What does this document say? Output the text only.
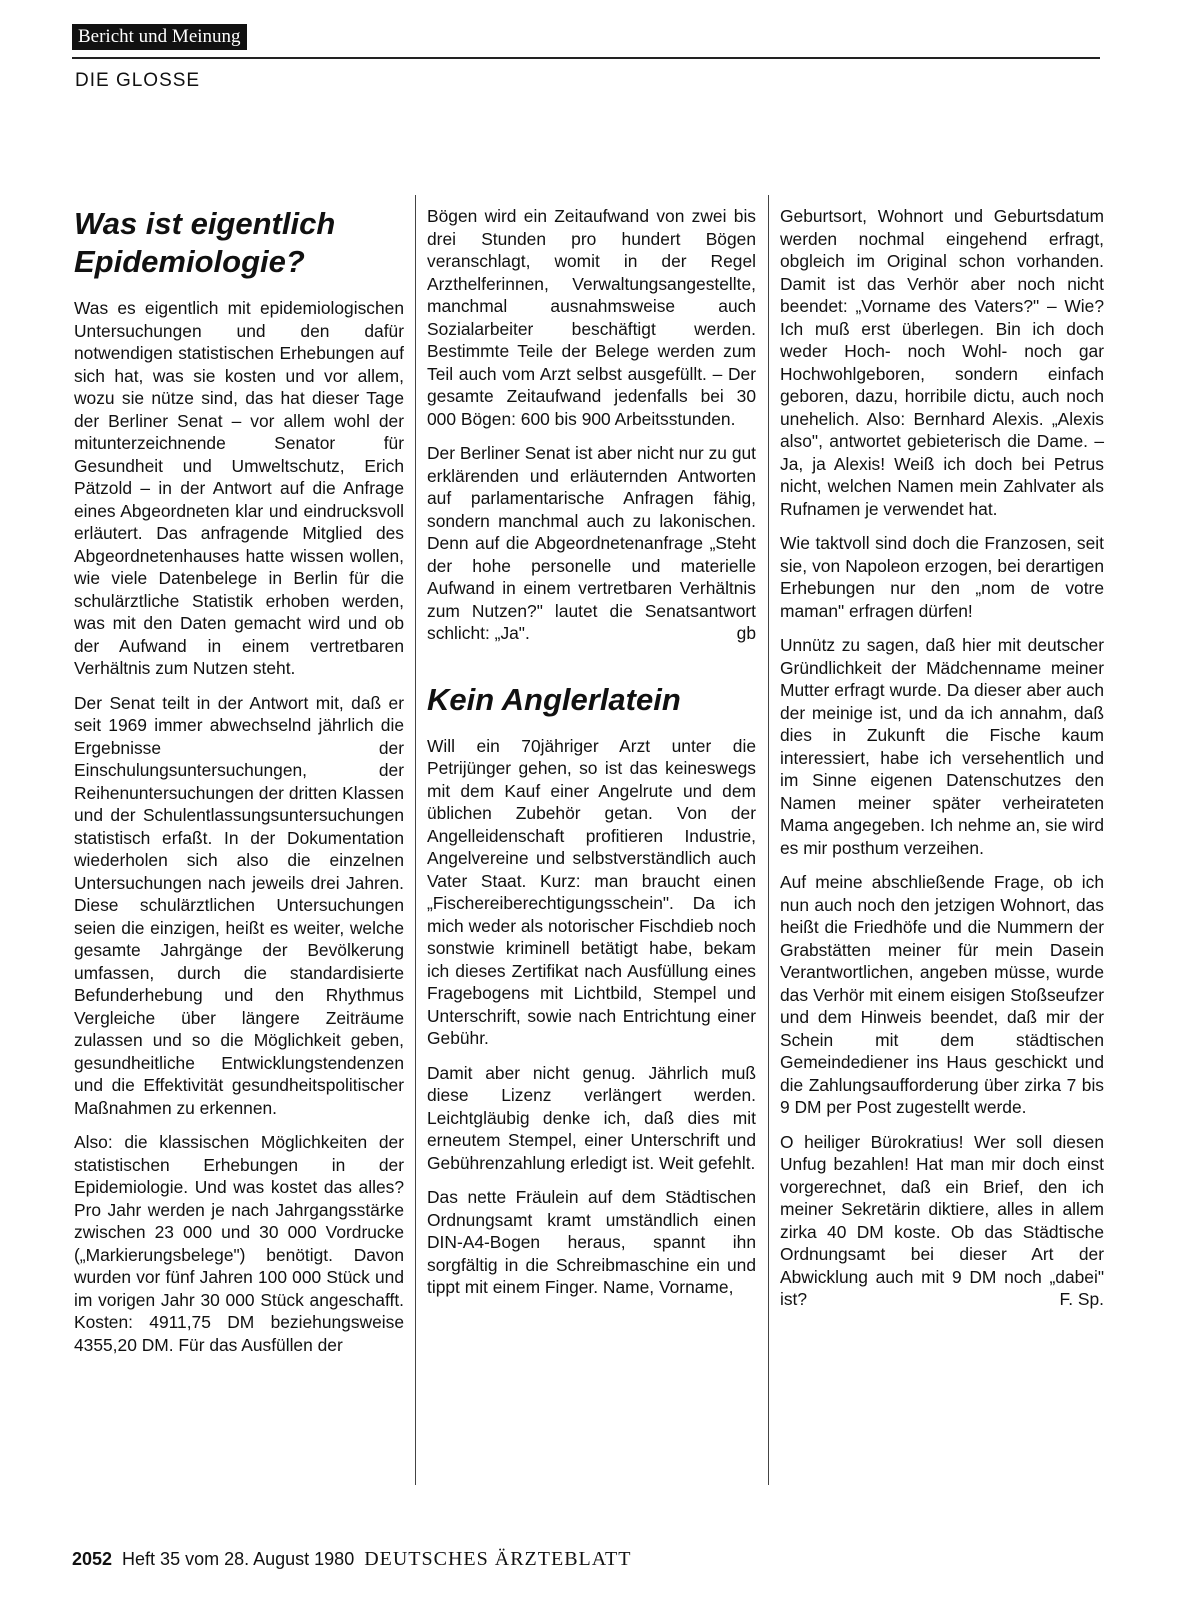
Bericht und Meinung
DIE GLOSSE
Was ist eigentlich Epidemiologie?

Was es eigentlich mit epidemiologischen Untersuchungen und den dafür notwendigen statistischen Erhebungen auf sich hat, was sie kosten und vor allem, wozu sie nütze sind, das hat dieser Tage der Berliner Senat – vor allem wohl der mitunterzeichnende Senator für Gesundheit und Umweltschutz, Erich Pätzold – in der Antwort auf die Anfrage eines Abgeordneten klar und eindrucksvoll erläutert. Das anfragende Mitglied des Abgeordnetenhauses hatte wissen wollen, wie viele Datenbelege in Berlin für die schulärztliche Statistik erhoben werden, was mit den Daten gemacht wird und ob der Aufwand in einem vertretbaren Verhältnis zum Nutzen steht.

Der Senat teilt in der Antwort mit, daß er seit 1969 immer abwechselnd jährlich die Ergebnisse der Einschulungsuntersuchungen, der Reihenuntersuchungen der dritten Klassen und der Schulentlassungsuntersuchungen statistisch erfaßt. In der Dokumentation wiederholen sich also die einzelnen Untersuchungen nach jeweils drei Jahren. Diese schulärztlichen Untersuchungen seien die einzigen, heißt es weiter, welche gesamte Jahrgänge der Bevölkerung umfassen, durch die standardisierte Befunderhebung und den Rhythmus Vergleiche über längere Zeiträume zulassen und so die Möglichkeit geben, gesundheitliche Entwicklungstendenzen und die Effektivität gesundheitspolitischer Maßnahmen zu erkennen.

Also: die klassischen Möglichkeiten der statistischen Erhebungen in der Epidemiologie. Und was kostet das alles? Pro Jahr werden je nach Jahrgangsstärke zwischen 23 000 und 30 000 Vordrucke („Markierungsbelege") benötigt. Davon wurden vor fünf Jahren 100 000 Stück und im vorigen Jahr 30 000 Stück angeschafft. Kosten: 4911,75 DM beziehungsweise 4355,20 DM. Für das Ausfüllen der

Bögen wird ein Zeitaufwand von zwei bis drei Stunden pro hundert Bögen veranschlagt, womit in der Regel Arzthelferinnen, Verwaltungsangestellte, manchmal ausnahmsweise auch Sozialarbeiter beschäftigt werden. Bestimmte Teile der Belege werden zum Teil auch vom Arzt selbst ausgefüllt. – Der gesamte Zeitaufwand jedenfalls bei 30 000 Bögen: 600 bis 900 Arbeitsstunden.

Der Berliner Senat ist aber nicht nur zu gut erklärenden und erläuternden Antworten auf parlamentarische Anfragen fähig, sondern manchmal auch zu lakonischen. Denn auf die Abgeordnetenanfrage „Steht der hohe personelle und materielle Aufwand in einem vertretbaren Verhältnis zum Nutzen?" lautet die Senatsantwort schlicht: „Ja".	gb

Kein Anglerlatein

Will ein 70jähriger Arzt unter die Petrijünger gehen, so ist das keineswegs mit dem Kauf einer Angelrute und dem üblichen Zubehör getan. Von der Angelleidenschaft profitieren Industrie, Angelvereine und selbstverständlich auch Vater Staat. Kurz: man braucht einen „Fischereiberechtigungsschein". Da ich mich weder als notorischer Fischdieb noch sonstwie kriminell betätigt habe, bekam ich dieses Zertifikat nach Ausfüllung eines Fragebogens mit Lichtbild, Stempel und Unterschrift, sowie nach Entrichtung einer Gebühr.

Damit aber nicht genug. Jährlich muß diese Lizenz verlängert werden. Leichtgläubig denke ich, daß dies mit erneutem Stempel, einer Unterschrift und Gebührenzahlung erledigt ist. Weit gefehlt.

Das nette Fräulein auf dem Städtischen Ordnungsamt kramt umständlich einen DIN-A4-Bogen heraus, spannt ihn sorgfältig in die Schreibmaschine ein und tippt mit einem Finger. Name, Vorname,

Geburtsort, Wohnort und Geburtsdatum werden nochmal eingehend erfragt, obgleich im Original schon vorhanden. Damit ist das Verhör aber noch nicht beendet: „Vorname des Vaters?" – Wie? Ich muß erst überlegen. Bin ich doch weder Hoch- noch Wohl- noch gar Hochwohlgeboren, sondern einfach geboren, dazu, horribile dictu, auch noch unehelich. Also: Bernhard Alexis. „Alexis also", antwortet gebieterisch die Dame. – Ja, ja Alexis! Weiß ich doch bei Petrus nicht, welchen Namen mein Zahlvater als Rufnamen je verwendet hat.

Wie taktvoll sind doch die Franzosen, seit sie, von Napoleon erzogen, bei derartigen Erhebungen nur den „nom de votre maman" erfragen dürfen!

Unnütz zu sagen, daß hier mit deutscher Gründlichkeit der Mädchenname meiner Mutter erfragt wurde. Da dieser aber auch der meinige ist, und da ich annahm, daß dies in Zukunft die Fische kaum interessiert, habe ich versehentlich und im Sinne eigenen Datenschutzes den Namen meiner später verheirateten Mama angegeben. Ich nehme an, sie wird es mir posthum verzeihen.

Auf meine abschließende Frage, ob ich nun auch noch den jetzigen Wohnort, das heißt die Friedhöfe und die Nummern der Grabstätten meiner für mein Dasein Verantwortlichen, angeben müsse, wurde das Verhör mit einem eisigen Stoßseufzer und dem Hinweis beendet, daß mir der Schein mit dem städtischen Gemeindediener ins Haus geschickt und die Zahlungsaufforderung über zirka 7 bis 9 DM per Post zugestellt werde.

O heiliger Bürokratius! Wer soll diesen Unfug bezahlen! Hat man mir doch einst vorgerechnet, daß ein Brief, den ich meiner Sekretärin diktiere, alles in allem zirka 40 DM koste. Ob das Städtische Ordnungsamt bei dieser Art der Abwicklung auch mit 9 DM noch „dabei" ist?	F. Sp.

2052 Heft 35 vom 28. August 1980 DEUTSCHES ÄRZTEBLATT
